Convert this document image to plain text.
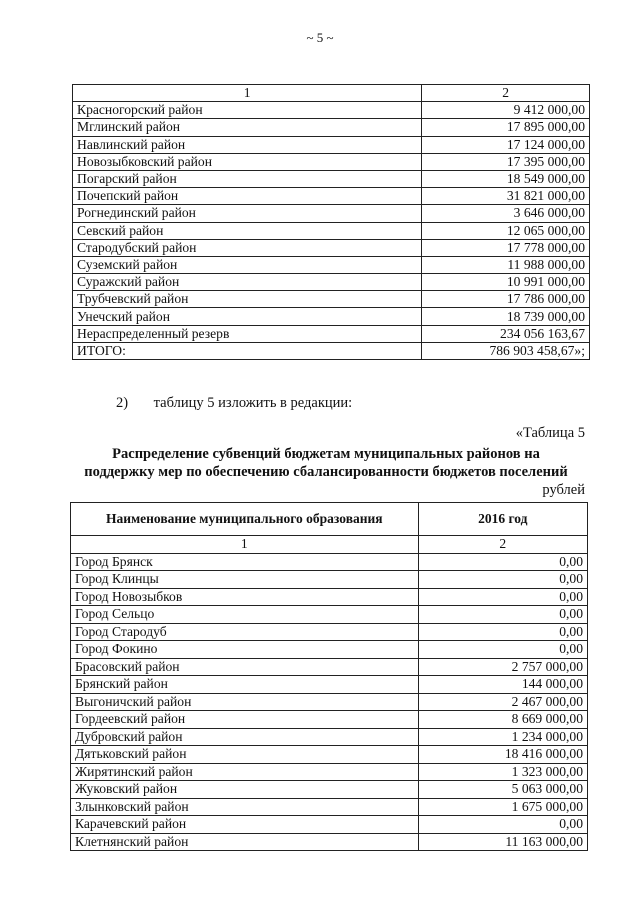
~ 5 ~
1	2
Красногорский район	9 412 000,00
Мглинский район	17 895 000,00
Навлинский район	17 124 000,00
Новозыбковский район	17 395 000,00
Погарский район	18 549 000,00
Почепский район	31 821 000,00
Рогнединский район	3 646 000,00
Севский район	12 065 000,00
Стародубский район	17 778 000,00
Суземский район	11 988 000,00
Суражский район	10 991 000,00
Трубчевский район	17 786 000,00
Унечский район	18 739 000,00
Нераспределенный резерв	234 056 163,67
ИТОГО:	786 903 458,67»;
2) таблицу 5 изложить в редакции:
«Таблица 5
Распределение субвенций бюджетам муниципальных районов на
поддержку мер по обеспечению сбалансированности бюджетов поселений
рублей
Наименование муниципального образования	2016 год
1	2
Город Брянск	0,00
Город Клинцы	0,00
Город Новозыбков	0,00
Город Сельцо	0,00
Город Стародуб	0,00
Город Фокино	0,00
Брасовский район	2 757 000,00
Брянский район	144 000,00
Выгоничский район	2 467 000,00
Гордеевский район	8 669 000,00
Дубровский район	1 234 000,00
Дятьковский район	18 416 000,00
Жирятинский район	1 323 000,00
Жуковский район	5 063 000,00
Злынковский район	1 675 000,00
Карачевский район	0,00
Клетнянский район	11 163 000,00
